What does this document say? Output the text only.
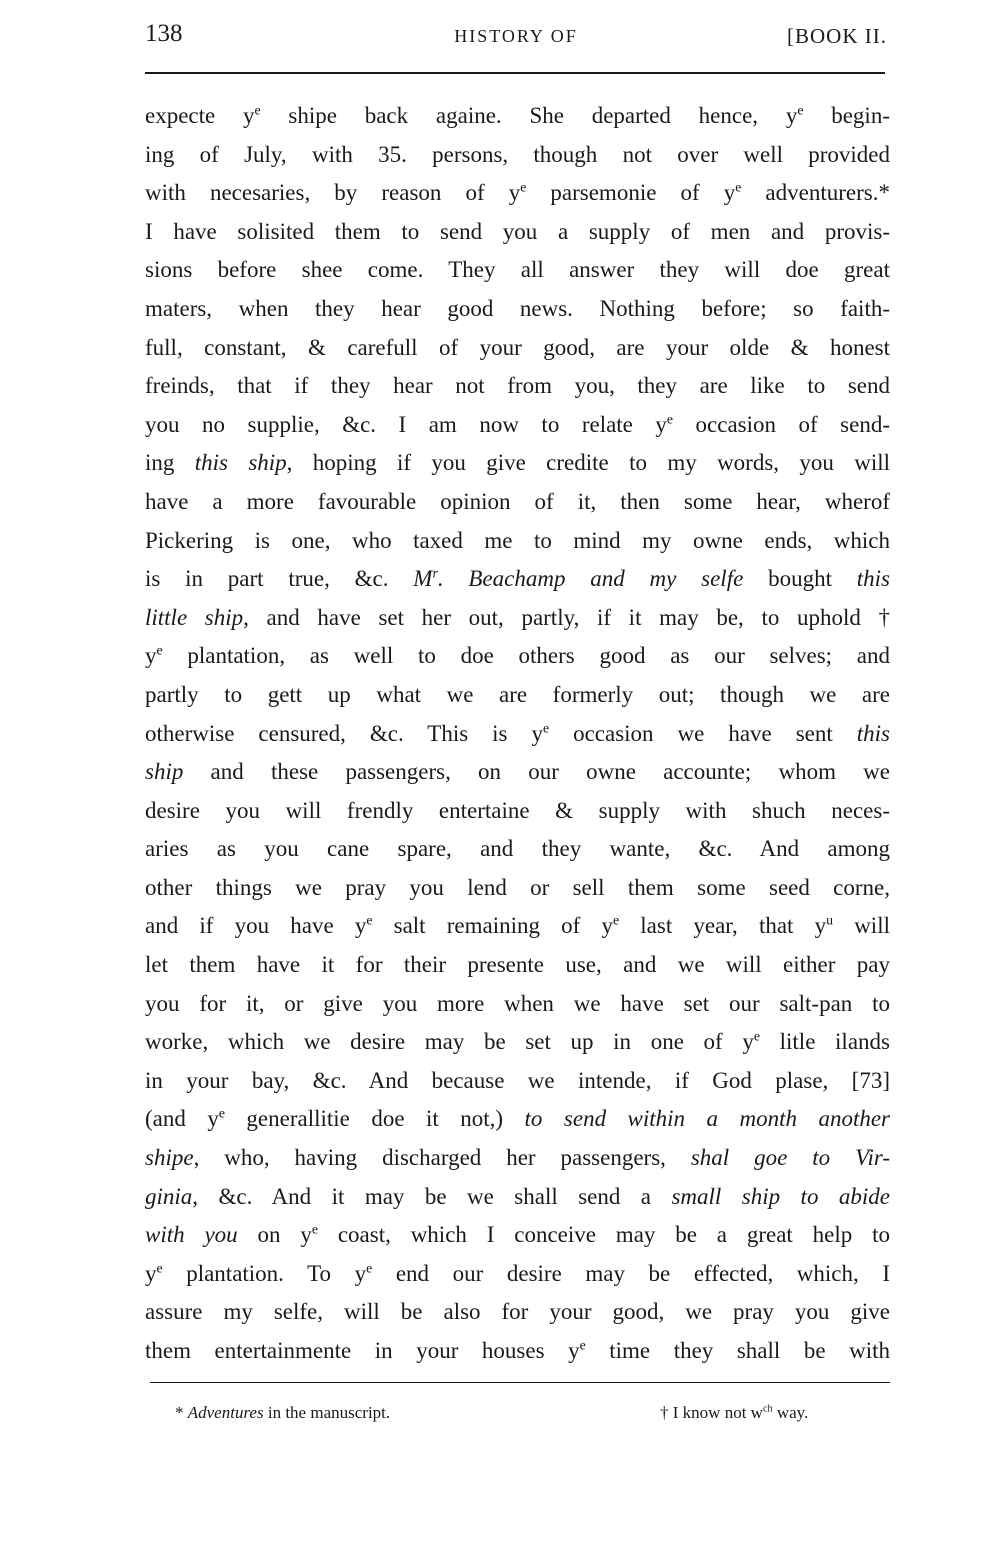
138	HISTORY OF	[BOOK II.
expecte $y^e$ shipe back againe. She departed hence, $y^e$ begin-
ing of July, with 35. persons, though not over well provided
with necesaries, by reason of $y^e$ parsemonie of $y^e$ adventurers.*
I have solisited them to send you a supply of men and provis-
sions before shee come. They all answer they will doe great
maters, when they hear good news. Nothing before; so faith-
full, constant, & carefull of your good, are your olde & honest
freinds, that if they hear not from you, they are like to send
you no supplie, &c. I am now to relate $y^e$ occasion of send-
ing this ship, hoping if you give credite to my words, you will
have a more favourable opinion of it, then some hear, wherof
Pickering is one, who taxed me to mind my owne ends, which
is in part true, &c. $M^r$. Beachamp and my selfe bought this
little ship, and have set her out, partly, if it may be, to uphold †
$y^e$ plantation, as well to doe others good as our selves; and
partly to gett up what we are formerly out; though we are
otherwise censured, &c. This is $y^e$ occasion we have sent this
ship and these passengers, on our owne accounte; whom we
desire you will frendly entertaine & supply with shuch neces-
aries as you cane spare, and they wante, &c. And among
other things we pray you lend or sell them some seed corne,
and if you have $y^e$ salt remaining of $y^e$ last year, that $y^u$ will
let them have it for their presente use, and we will either pay
you for it, or give you more when we have set our salt-pan to
worke, which we desire may be set up in one of $y^e$ litle ilands
in your bay, &c. And because we intende, if God plase, [73]
(and $y^e$ generallitie doe it not,) to send within a month another
shipe, who, having discharged her passengers, shal goe to Vir-
ginia, &c. And it may be we shall send a small ship to abide
with you on $y^e$ coast, which I conceive may be a great help to
$y^e$ plantation. To $y^e$ end our desire may be effected, which, I
assure my selfe, will be also for your good, we pray you give
them entertainmente in your houses $y^e$ time they shall be with
* Adventures in the manuscript.	† I know not $w^{ch}$ way.
